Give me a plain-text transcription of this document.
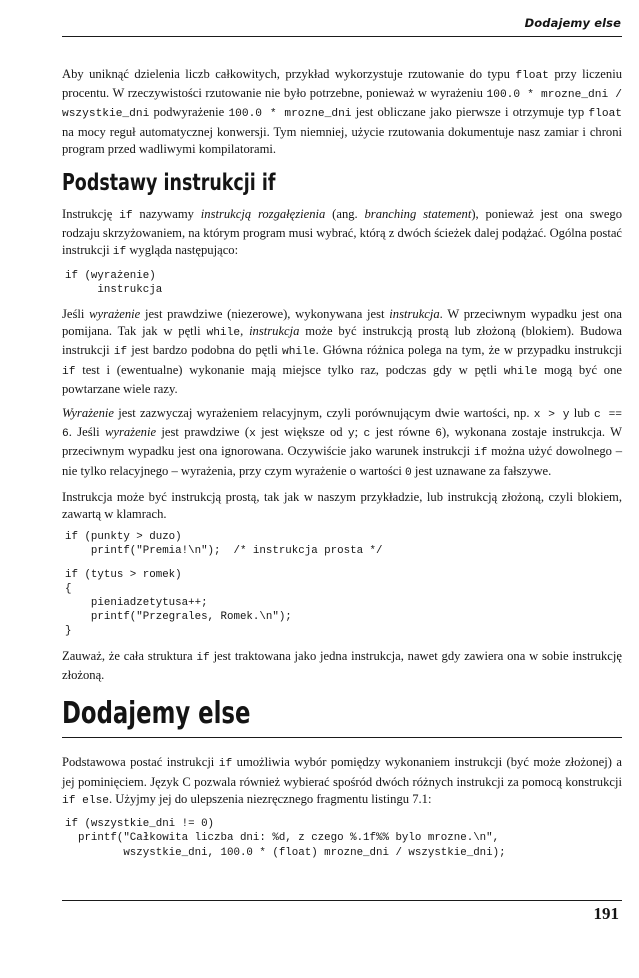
Dodajemy else

Aby uniknąć dzielenia liczb całkowitych, przykład wykorzystuje rzutowanie do typu float przy liczeniu procentu. W rzeczywistości rzutowanie nie było potrzebne, ponieważ w wyrażeniu 100.0 * mrozne_dni / wszystkie_dni podwyrażenie 100.0 * mrozne_dni jest obliczane jako pierwsze i otrzymuje typ float na mocy reguł automatycznej konwersji. Tym niemniej, użycie rzutowania dokumentuje nasz zamiar i chroni program przed wadliwymi kompilatorami.

Podstawy instrukcji if

Instrukcję if nazywamy instrukcją rozgałęzienia (ang. branching statement), ponieważ jest ona swego rodzaju skrzyżowaniem, na którym program musi wybrać, którą z dwóch ścieżek dalej podążać. Ogólna postać instrukcji if wygląda następująco:

if (wyrażenie)
instrukcja

Jeśli wyrażenie jest prawdziwe (niezerowe), wykonywana jest instrukcja. W przeciwnym wypadku jest ona pomijana. Tak jak w pętli while, instrukcja może być instrukcją prostą lub złożoną (blokiem). Budowa instrukcji if jest bardzo podobna do pętli while. Główna różnica polega na tym, że w przypadku instrukcji if test i (ewentualne) wykonanie mają miejsce tylko raz, podczas gdy w pętli while mogą być one powtarzane wiele razy.

Wyrażenie jest zazwyczaj wyrażeniem relacyjnym, czyli porównującym dwie wartości, np. x > y lub c == 6. Jeśli wyrażenie jest prawdziwe (x jest większe od y; c jest równe 6), wykonana zostaje instrukcja. W przeciwnym wypadku jest ona ignorowana. Oczywiście jako warunek instrukcji if można użyć dowolnego – nie tylko relacyjnego – wyrażenia, przy czym wyrażenie o wartości 0 jest uznawane za fałszywe.

Instrukcja może być instrukcją prostą, tak jak w naszym przykładzie, lub instrukcją złożoną, czyli blokiem, zawartą w klamrach.

if (punkty > duzo)
printf("Premia!\n");  /* instrukcja prosta */
if (tytus > romek)
{
pieniadzetytusa++;
printf("Przegrales, Romek.\n");
}

Zauważ, że cała struktura if jest traktowana jako jedna instrukcja, nawet gdy zawiera ona w sobie instrukcję złożoną.

Dodajemy else

Podstawowa postać instrukcji if umożliwia wybór pomiędzy wykonaniem instrukcji (być może złożonej) a jej pominięciem. Język C pozwala również wybierać spośród dwóch różnych instrukcji za pomocą konstrukcji if else. Użyjmy jej do ulepszenia niezręcznego fragmentu listingu 7.1:

if (wszystkie_dni != 0)
printf("Całkowita liczba dni: %d, z czego %.1f%% bylo mrozne.\n",
wszystkie_dni, 100.0 * (float) mrozne_dni / wszystkie_dni);
191
